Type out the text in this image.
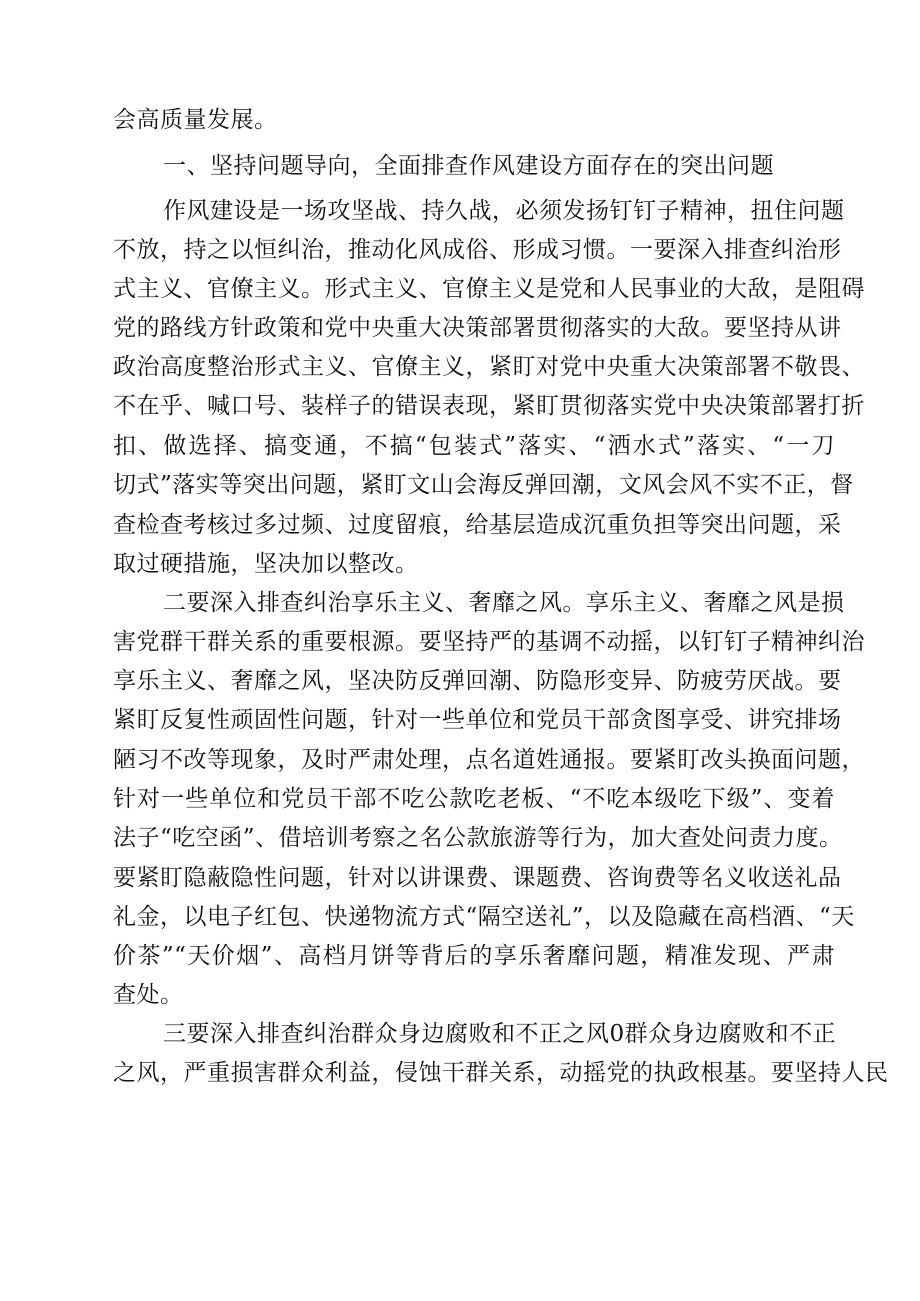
会高质量发展。
一、坚持问题导向，全面排查作风建设方面存在的突出问题
作风建设是一场攻坚战、持久战，必须发扬钉钉子精神，扭住问题
不放，持之以恒纠治，推动化风成俗、形成习惯。一要深入排查纠治形
式主义、官僚主义。形式主义、官僚主义是党和人民事业的大敌，是阻碍
党的路线方针政策和党中央重大决策部署贯彻落实的大敌。要坚持从讲
政治高度整治形式主义、官僚主义，紧盯对党中央重大决策部署不敬畏、
不在乎、喊口号、装样子的错误表现，紧盯贯彻落实党中央决策部署打折
扣、做选择、搞变通，不搞“包装式”落实、“洒水式”落实、“一刀
切式”落实等突出问题，紧盯文山会海反弹回潮，文风会风不实不正，督
查检查考核过多过频、过度留痕，给基层造成沉重负担等突出问题，采
取过硬措施，坚决加以整改。
二要深入排查纠治享乐主义、奢靡之风。享乐主义、奢靡之风是损
害党群干群关系的重要根源。要坚持严的基调不动摇，以钉钉子精神纠治
享乐主义、奢靡之风，坚决防反弹回潮、防隐形变异、防疲劳厌战。要
紧盯反复性顽固性问题，针对一些单位和党员干部贪图享受、讲究排场
陋习不改等现象，及时严肃处理，点名道姓通报。要紧盯改头换面问题，
针对一些单位和党员干部不吃公款吃老板、“不吃本级吃下级”、变着
法子“吃空函”、借培训考察之名公款旅游等行为，加大查处问责力度。
要紧盯隐蔽隐性问题，针对以讲课费、课题费、咨询费等名义收送礼品
礼金，以电子红包、快递物流方式“隔空送礼”，以及隐藏在高档酒、“天
价茶”“天价烟”、高档月饼等背后的享乐奢靡问题，精准发现、严肃
查处。
三要深入排查纠治群众身边腐败和不正之风0群众身边腐败和不正
之风，严重损害群众利益，侵蚀干群关系，动摇党的执政根基。要坚持人民
